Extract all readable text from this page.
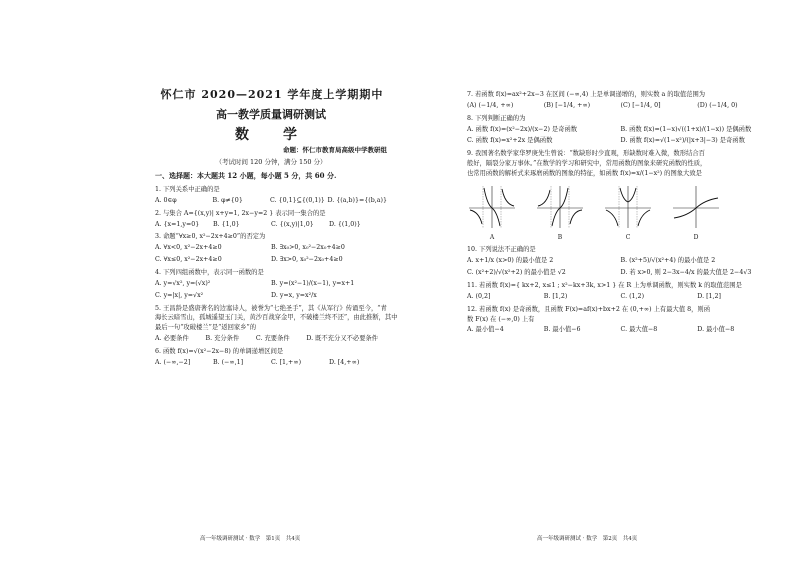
怀仁市 2020—2021 学年度上学期期中
高一教学质量调研测试
数　学
命题：怀仁市教育局高级中学教研组
（考试时间 120 分钟，满分 150 分）
一、选择题：本大题共 12 小题，每小题 5 分，共 60 分.
1. 下列关系中正确的是
A. 0∈φ	B. φ≠{0}	C. {0,1}⊆{(0,1)} D. {(a,b)}={(b,a)}
2. 与集合 A={(x,y)| x+y=1, 2x−y=2 } 表示同一集合的是
A. {x=1,y=0}	B. {1,0}	C. {(x,y)|1,0}	D. {(1,0)}
3. 命题“∀x≥0, x²−2x+4≥0”的否定为
A. ∀x<0, x²−2x+4≥0	B. ∃x₀>0, x₀²−2x₀+4≥0
C. ∀x≤0, x²−2x+4≥0	D. ∃x>0, x₀²−2x₀+4≥0
4. 下列四组函数中，表示同一函数的是
A. y=√x², y=(√x)²	B. y=(x²−1)/(x−1), y=x+1
C. y=|x|, y=√x²	D. y=x, y=x²/x
5. 王昌龄是盛唐著名的边塞诗人，被誉为“七绝圣手”，其《从军行》传诵至今，“青
海长云暗雪山，孤城遥望玉门关，黄沙百战穿金甲，不破楼兰终不还”，由此推断，其中
最后一句“攻破楼兰”是“返回家乡”的
A. 必要条件	B. 充分条件	C. 充要条件	D. 既不充分又不必要条件
6. 函数 f(x)=√(x²−2x−8) 的单调递增区间是
A. (−∞,−2]	B. (−∞,1]	C. [1,+∞)	D. [4,+∞)
高一年级调研测试 · 数学　第1页　共4页
7. 若函数 f(x)=ax²+2x−3 在区间 (−∞,4) 上是单调递增的，则实数 a 的取值范围为
(A) (−1/4, +∞)	(B) [−1/4, +∞)	(C) [−1/4, 0]	(D) (−1/4, 0)
8. 下列判断正确的为
A. 函数 f(x)=(x²−2x)/(x−2) 是奇函数	B. 函数 f(x)=(1−x)√((1+x)/(1−x)) 是偶函数
C. 函数 f(x)=x²+2x 是偶函数	D. 函数 f(x)=√(1−x²)/(|x+3|−3) 是奇函数
9. 我国著名数学家华罗庚先生曾说：“数缺形时少直观，形缺数时难入微，数形结合百
般好，隔裂分家万事休。”在数学的学习和研究中，常用函数的图象来研究函数的性质，
也常用函数的解析式来琢磨函数的图象的特征，如函数 f(x)=x/(1−x²) 的图象大致是
A	B	C	D
10. 下列说法不正确的是
A. x+1/x (x>0) 的最小值是 2	B. (x²+5)/√(x²+4) 的最小值是 2
C. (x²+2)/√(x²+2) 的最小值是 √2	D. 若 x>0, 则 2−3x−4/x 的最大值是 2−4√3
11. 若函数 f(x)={ kx+2, x≤1 ; x²−kx+3k, x>1 } 在 R 上为单调函数，则实数 k 的取值范围是
A. (0,2]	B. [1,2)	C. (1,2)	D. [1,2]
12. 若函数 f(x) 是奇函数，且函数 F(x)=af(x)+bx+2 在 (0,+∞) 上有最大值 8，则函
数 F(x) 在 (−∞,0) 上有
A. 最小值−4	B. 最小值−6	C. 最大值−8	D. 最小值−8
高一年级调研测试 · 数学　第2页　共4页
